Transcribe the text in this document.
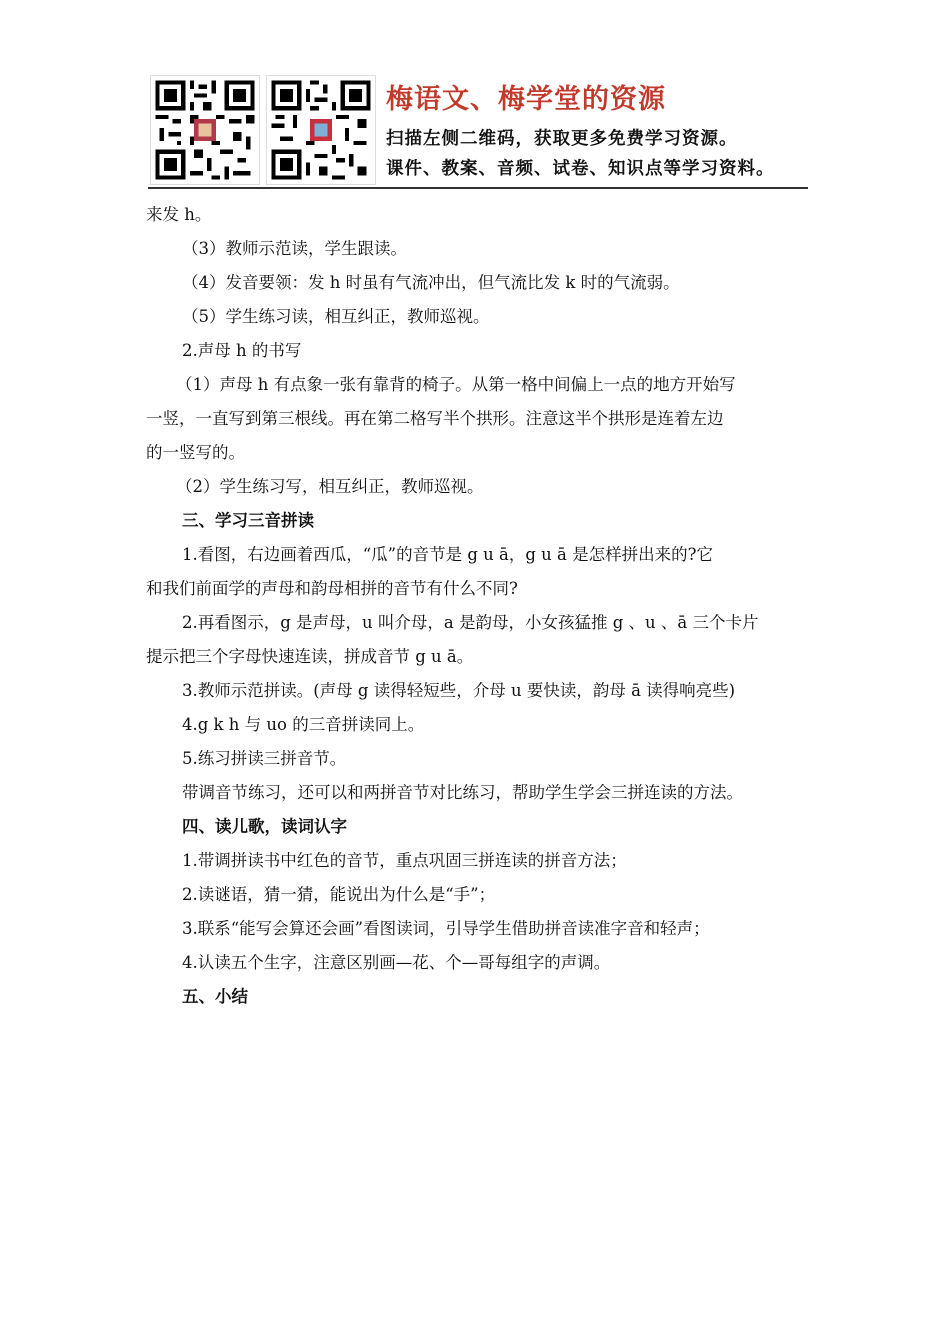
梅语文、梅学堂的资源
扫描左侧二维码，获取更多免费学习资源。
课件、教案、音频、试卷、知识点等学习资料。

来发 h。

（3）教师示范读，学生跟读。

（4）发音要领：发 h 时虽有气流冲出，但气流比发 k 时的气流弱。

（5）学生练习读，相互纠正，教师巡视。

2.声母 h 的书写

（1）声母 h 有点象一张有靠背的椅子。从第一格中间偏上一点的地方开始写

一竖，一直写到第三根线。再在第二格写半个拱形。注意这半个拱形是连着左边

的一竖写的。

（2）学生练习写，相互纠正，教师巡视。

三、学习三音拼读

1.看图，右边画着西瓜，“瓜”的音节是 g u ā，g u ā 是怎样拼出来的?它

和我们前面学的声母和韵母相拼的音节有什么不同?

2.再看图示，g 是声母，u 叫介母，a 是韵母，小女孩猛推 g 、u 、ā 三个卡片

提示把三个字母快速连读，拼成音节 g u ā。

3.教师示范拼读。(声母 g 读得轻短些，介母 u 要快读，韵母 ā 读得响亮些)

4.g k h 与 uo 的三音拼读同上。

5.练习拼读三拼音节。

带调音节练习，还可以和两拼音节对比练习，帮助学生学会三拼连读的方法。

四、读儿歌，读词认字

1.带调拼读书中红色的音节，重点巩固三拼连读的拼音方法；

2.读谜语，猜一猜，能说出为什么是“手”；

3.联系“能写会算还会画”看图读词，引导学生借助拼音读准字音和轻声；

4.认读五个生字，注意区别画—花、个—哥每组字的声调。

五、小结
